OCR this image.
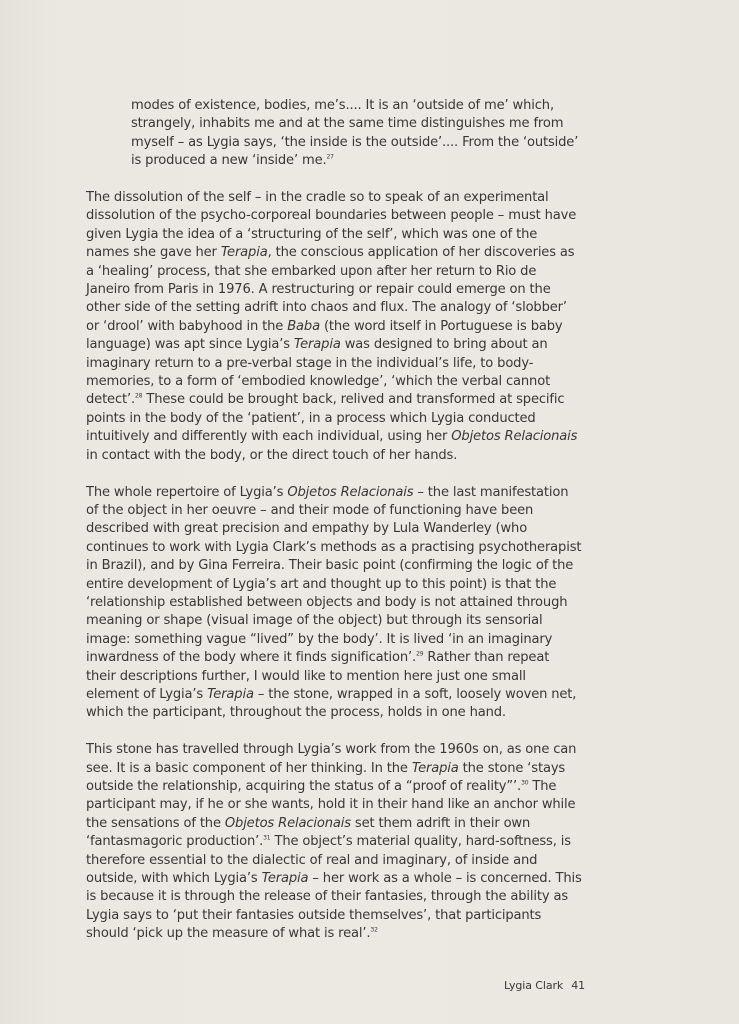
modes of existence, bodies, me’s.... It is an ‘outside of me’ which, strangely, inhabits me and at the same time distinguishes me from myself – as Lygia says, ‘the inside is the outside’.... From the ‘outside’ is produced a new ‘inside’ me.$^{27}$

The dissolution of the self – in the cradle so to speak of an experimental dissolution of the psycho-corporeal boundaries between people – must have given Lygia the idea of a ‘structuring of the self’, which was one of the names she gave her Terapia, the conscious application of her discoveries as a ‘healing’ process, that she embarked upon after her return to Rio de Janeiro from Paris in 1976. A restructuring or repair could emerge on the other side of the setting adrift into chaos and flux. The analogy of ‘slobber’ or ‘drool’ with babyhood in the Baba (the word itself in Portuguese is baby language) was apt since Lygia’s Terapia was designed to bring about an imaginary return to a pre-verbal stage in the individual’s life, to body-memories, to a form of ‘embodied knowledge’, ‘which the verbal cannot detect’.$^{28}$ These could be brought back, relived and transformed at specific points in the body of the ‘patient’, in a process which Lygia conducted intuitively and differently with each individual, using her Objetos Relacionais in contact with the body, or the direct touch of her hands.

The whole repertoire of Lygia’s Objetos Relacionais – the last manifestation of the object in her oeuvre – and their mode of functioning have been described with great precision and empathy by Lula Wanderley (who continues to work with Lygia Clark’s methods as a practising psychotherapist in Brazil), and by Gina Ferreira. Their basic point (confirming the logic of the entire development of Lygia’s art and thought up to this point) is that the ‘relationship established between objects and body is not attained through meaning or shape (visual image of the object) but through its sensorial image: something vague “lived” by the body’. It is lived ‘in an imaginary inwardness of the body where it finds signification’.$^{29}$ Rather than repeat their descriptions further, I would like to mention here just one small element of Lygia’s Terapia – the stone, wrapped in a soft, loosely woven net, which the participant, throughout the process, holds in one hand.

This stone has travelled through Lygia’s work from the 1960s on, as one can see. It is a basic component of her thinking. In the Terapia the stone ‘stays outside the relationship, acquiring the status of a “proof of reality”’.$^{30}$ The participant may, if he or she wants, hold it in their hand like an anchor while the sensations of the Objetos Relacionais set them adrift in their own ‘fantasmagoric production’.$^{31}$ The object’s material quality, hard-softness, is therefore essential to the dialectic of real and imaginary, of inside and outside, with which Lygia’s Terapia – her work as a whole – is concerned. This is because it is through the release of their fantasies, through the ability as Lygia says to ‘put their fantasies outside themselves’, that participants should ‘pick up the measure of what is real’.$^{32}$

Lygia Clark 41
